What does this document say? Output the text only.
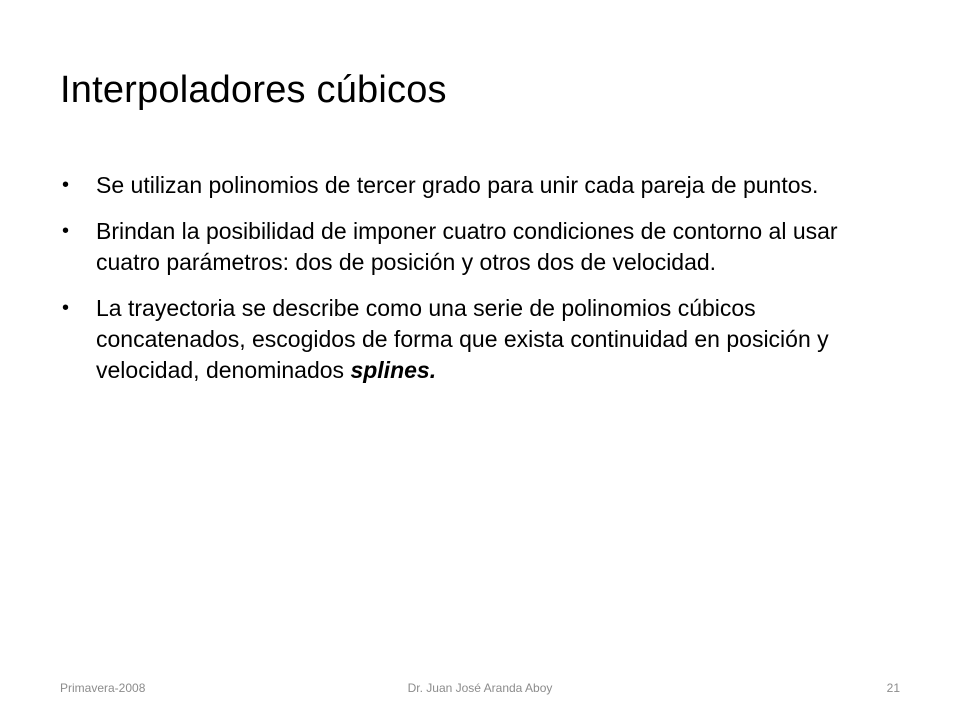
Interpoladores cúbicos
• Se utilizan polinomios de tercer grado para unir cada pareja de puntos.
• Brindan la posibilidad de imponer cuatro condiciones de contorno al usar cuatro parámetros: dos de posición y otros dos de velocidad.
• La trayectoria se describe como una serie de polinomios cúbicos concatenados, escogidos de forma que exista continuidad en posición y velocidad, denominados splines.
Primavera-2008	Dr. Juan José Aranda Aboy	21
